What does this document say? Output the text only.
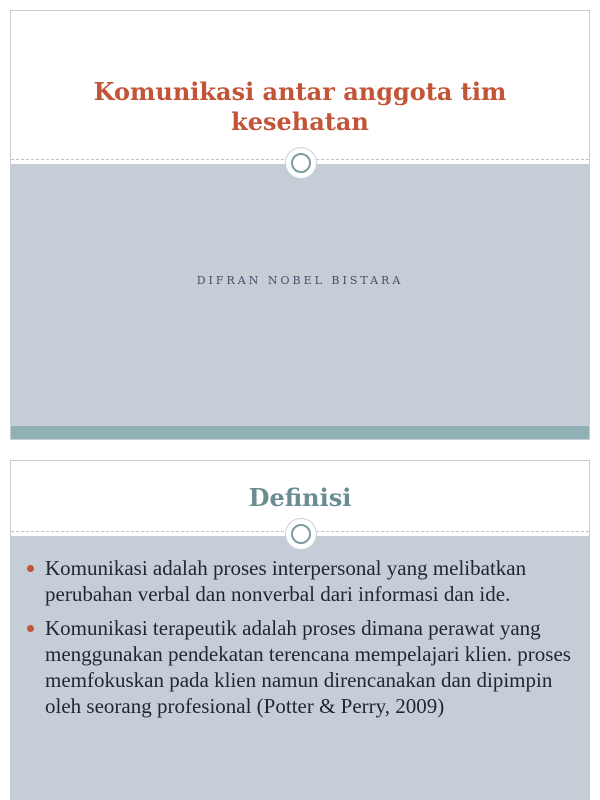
Komunikasi antar anggota tim kesehatan
DIFRAN NOBEL BISTARA
Definisi
Komunikasi adalah proses interpersonal yang melibatkan perubahan verbal dan nonverbal dari informasi dan ide.
Komunikasi terapeutik adalah proses dimana perawat yang menggunakan pendekatan terencana mempelajari klien. proses memfokuskan pada klien namun direncanakan dan dipimpin oleh seorang profesional (Potter & Perry, 2009)
